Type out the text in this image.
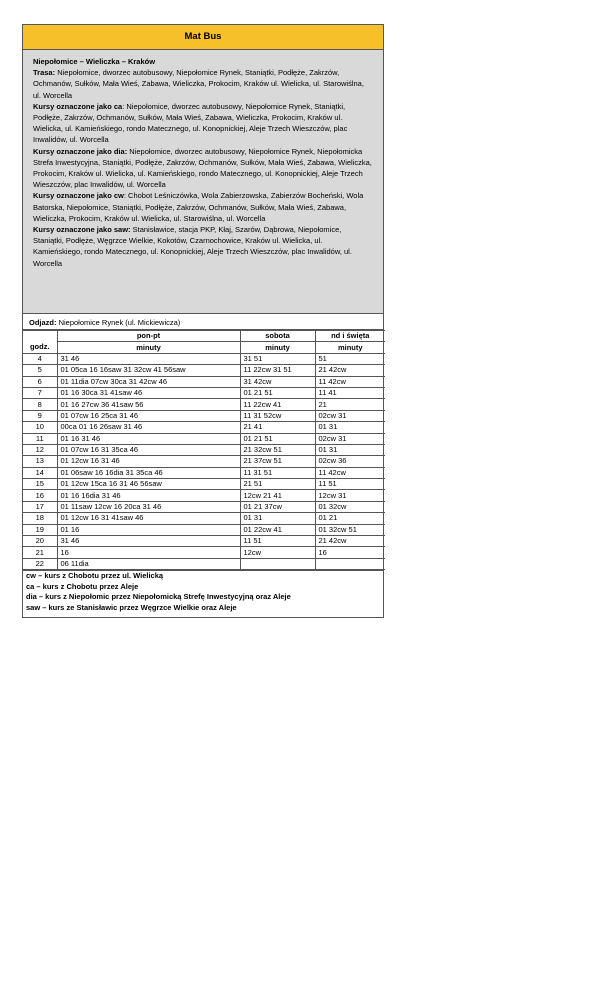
Mat Bus

Niepołomice – Wieliczka – Kraków

Trasa: Niepołomice, dworzec autobusowy, Niepołomice Rynek, Staniątki, Podłęże, Zakrzów, Ochmanów, Sułków, Mała Wieś, Zabawa, Wieliczka, Prokocim, Kraków ul. Wielicka, ul. Starowiślna, ul. Worcella

Kursy oznaczone jako ca: Niepołomice, dworzec autobusowy, Niepołomice Rynek, Staniątki, Podłęże, Zakrzów, Ochmanów, Sułków, Mała Wieś, Zabawa, Wieliczka, Prokocim, Kraków ul. Wielicka, ul. Kamieńskiego, rondo Matecznego, ul. Konopnickiej, Aleje Trzech Wieszczów, plac Inwalidów, ul. Worcella

Kursy oznaczone jako dia: Niepołomice, dworzec autobusowy, Niepołomice Rynek, Niepołomicka Strefa Inwestycyjna, Staniątki, Podłęże, Zakrzów, Ochmanów, Sułków, Mała Wieś, Zabawa, Wieliczka, Prokocim, Kraków ul. Wielicka, ul. Kamieńskiego, rondo Matecznego, ul. Konopnickiej, Aleje Trzech Wieszczów, plac Inwalidów, ul. Worcella

Kursy oznaczone jako cw: Chobot Leśniczówka, Wola Zabierzowska, Zabierzów Bocheński, Wola Batorska, Niepołomice, Staniątki, Podłęże, Zakrzów, Ochmanów, Sułków, Mała Wieś, Zabawa, Wieliczka, Prokocim, Kraków ul. Wielicka, ul. Starowiślna, ul. Worcella

Kursy oznaczone jako saw: Stanisławice, stacja PKP, Kłaj, Szarów, Dąbrowa, Niepołomice, Staniątki, Podłęże, Węgrzce Wielkie, Kokotów, Czarnochowice, Kraków ul. Wielicka, ul. Kamieńskiego, rondo Matecznego, ul. Konopnickiej, Aleje Trzech Wieszczów, plac Inwalidów, ul. Worcella

Odjazd: Niepołomice Rynek (ul. Mickiewicza)
	pon-pt	sobota	nd i święta
godz.	minuty	minuty	minuty
4	31 46	31 51	51
5	01 05ca 16 16saw 31 32cw 41 56saw	11 22cw 31 51	21 42cw
6	01 11dia 07cw 30ca 31 42cw 46	31 42cw	11 42cw
7	01 16 30ca 31 41saw 46	01 21 51	11 41
8	01 16 27cw 36 41saw 56	11 22cw 41	21
9	01 07cw 16 25ca 31 46	11 31 52cw	02cw 31
10	00ca 01 16 26saw 31 46	21 41	01 31
11	01 16 31 46	01 21 51	02cw 31
12	01 07cw 16 31 35ca 46	21 32cw 51	01 31
13	01 12cw 16 31 46	21 37cw 51	02cw 36
14	01 06saw 16 16dia 31 35ca 46	11 31 51	11 42cw
15	01 12cw 15ca 16 31 46 56saw	21 51	11 51
16	01 16 16dia 31 46	12cw 21 41	12cw 31
17	01 11saw 12cw 16 20ca 31 46	01 21 37cw	01 32cw
18	01 12cw 16 31 41saw 46	01 31	01 21
19	01 16	01 22cw 41	01 32cw 51
20	31 46	11 51	21 42cw
21	16	12cw	16
22	06 11dia		
cw – kurs z Chobotu przez ul. Wielicką
ca – kurs z Chobotu przez Aleje
dia – kurs z Niepołomic przez Niepołomicką Strefę Inwestycyjną oraz Aleje
saw – kurs ze Stanisławic przez Węgrzce Wielkie oraz Aleje
